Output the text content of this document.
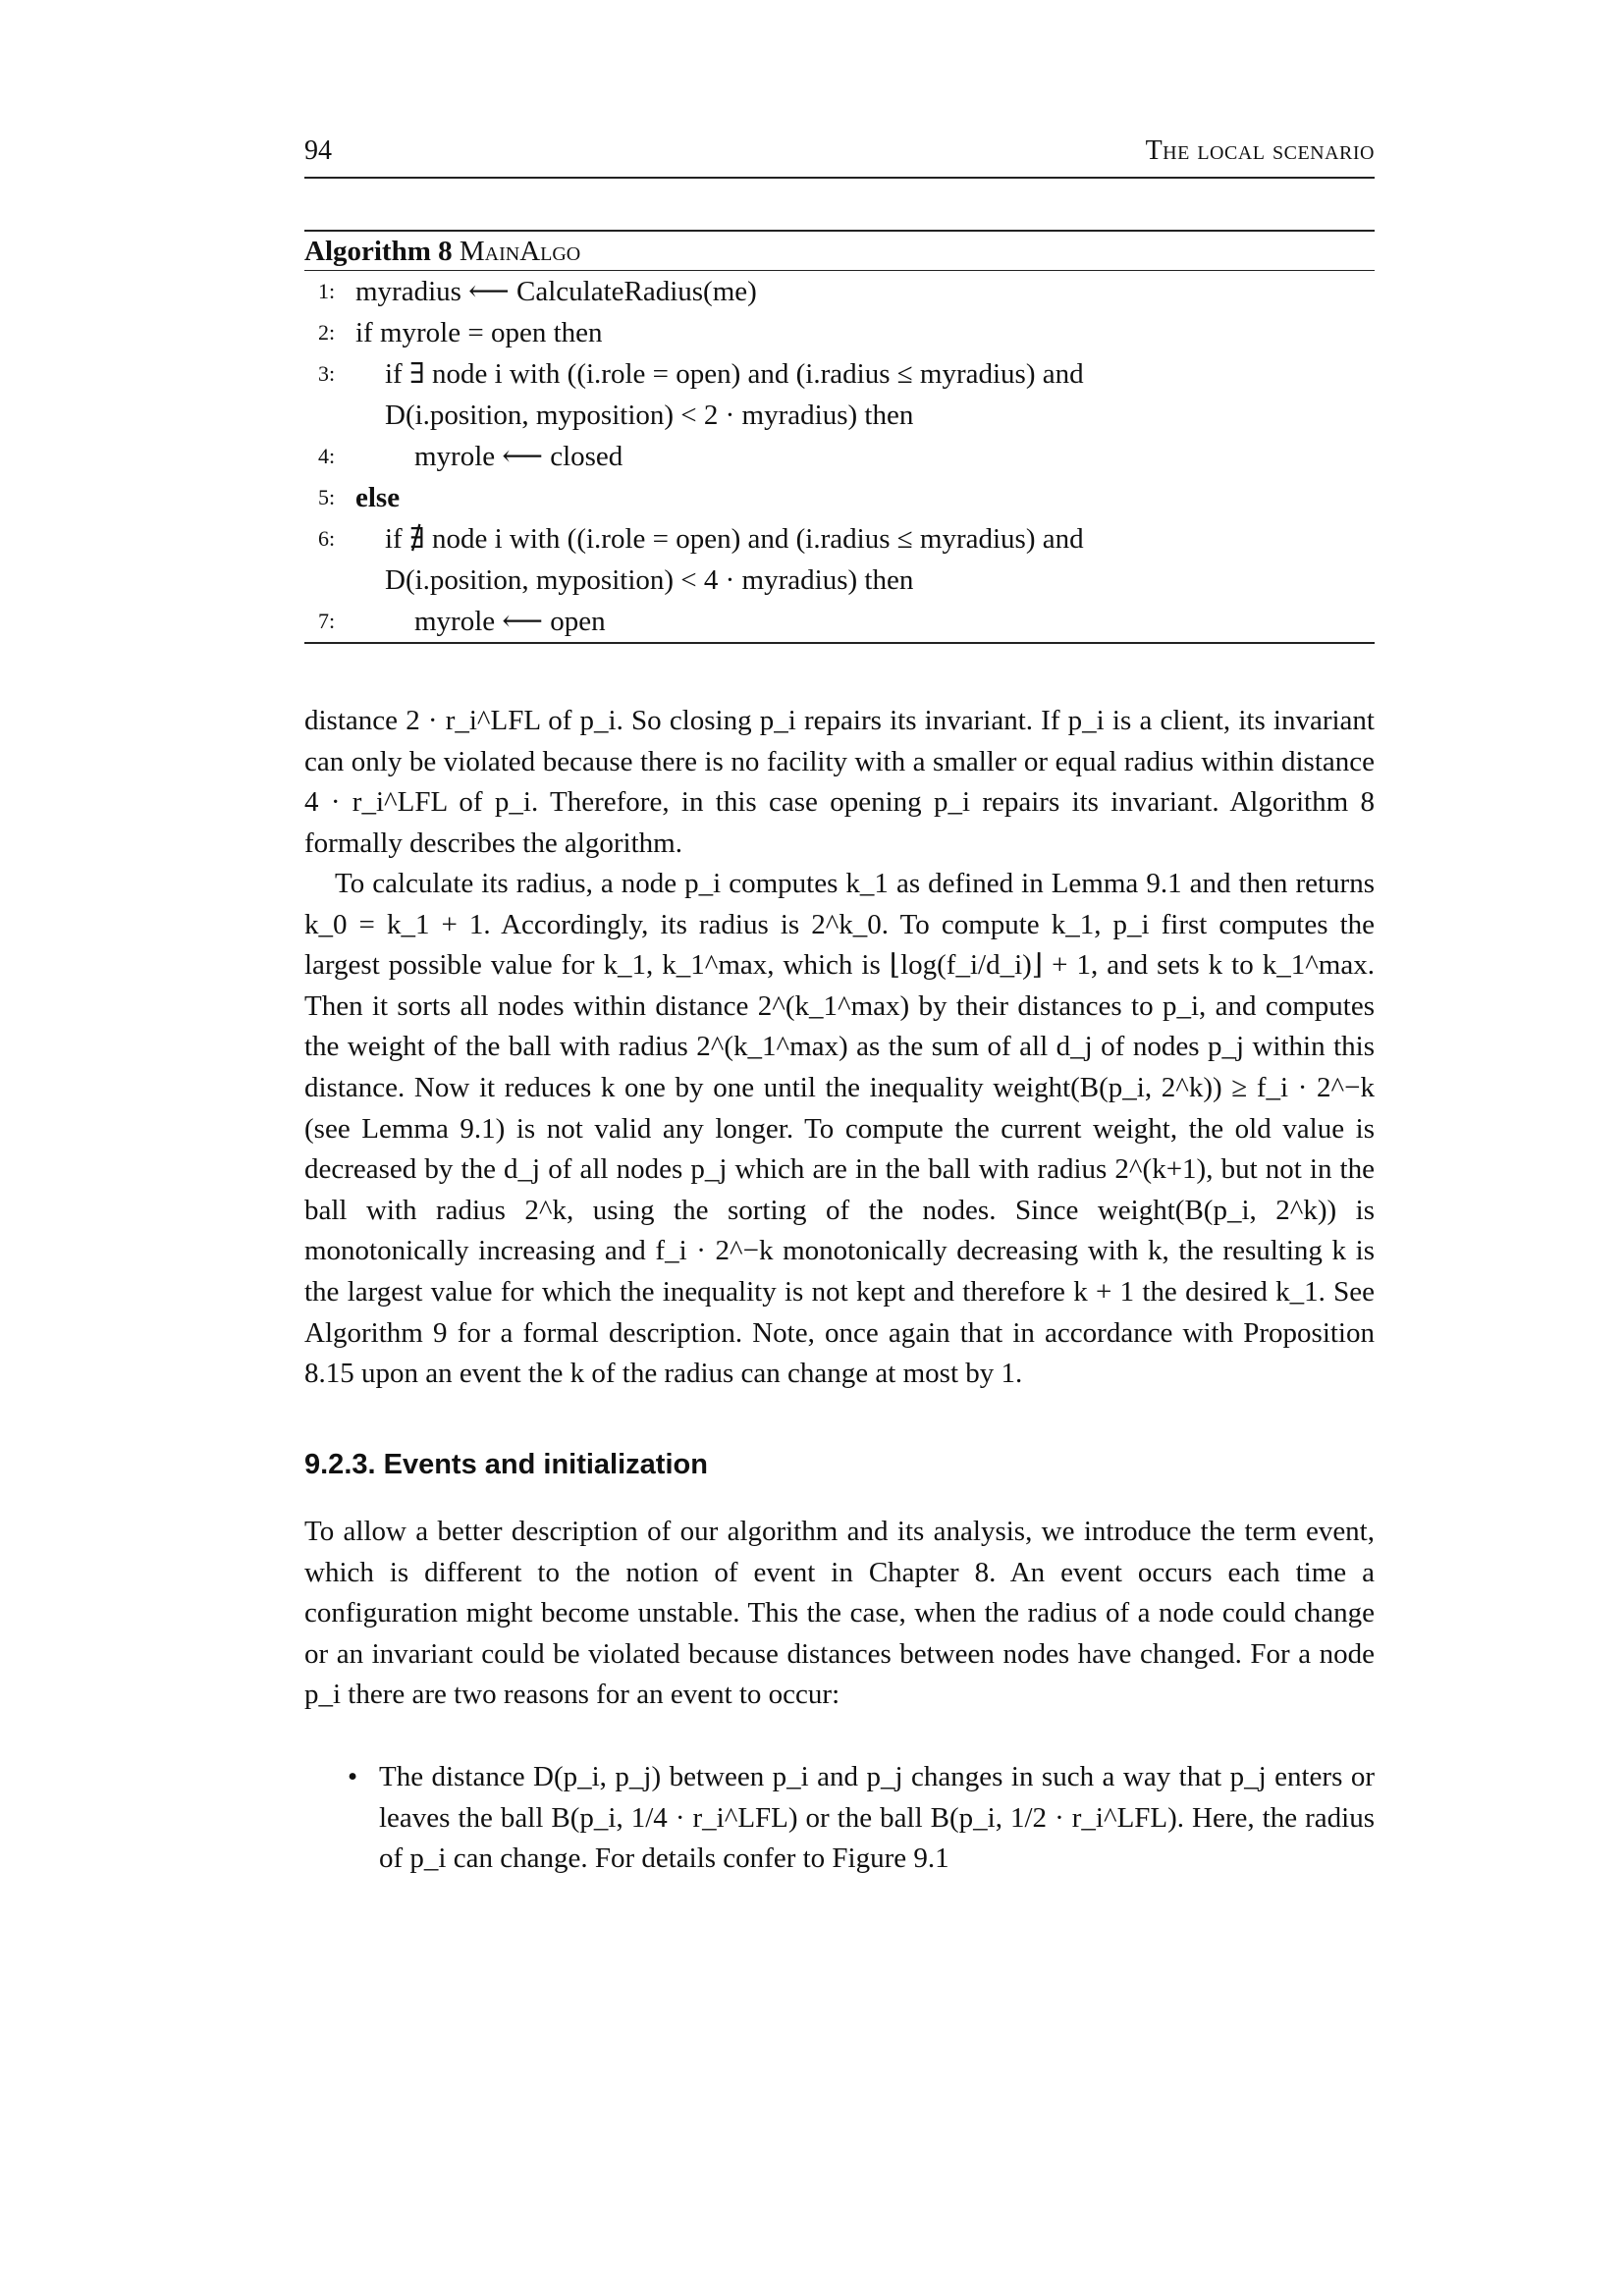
94	The local scenario
Algorithm 8 MainAlgo
1: myradius ⟵ CalculateRadius(me)
2: if myrole = open then
3: if ∃ node i with ((i.role = open) and (i.radius ≤ myradius) and
D(i.position, myposition) < 2 · myradius) then
4:	myrole ⟵ closed
5: else
6: if ∄ node i with ((i.role = open) and (i.radius ≤ myradius) and
D(i.position, myposition) < 4 · myradius) then
7:	myrole ⟵ open

distance 2 · r_i^LFL of p_i. So closing p_i repairs its invariant. If p_i is a client, its invariant can only be violated because there is no facility with a smaller or equal radius within distance 4 · r_i^LFL of p_i. Therefore, in this case opening p_i repairs its invariant. Algorithm 8 formally describes the algorithm.

To calculate its radius, a node p_i computes k_1 as defined in Lemma 9.1 and then returns k_0 = k_1 + 1. Accordingly, its radius is 2^k_0. To compute k_1, p_i first computes the largest possible value for k_1, k_1^max, which is ⌊log(f_i/d_i)⌋ + 1, and sets k to k_1^max. Then it sorts all nodes within distance 2^(k_1^max) by their distances to p_i, and computes the weight of the ball with radius 2^(k_1^max) as the sum of all d_j of nodes p_j within this distance. Now it reduces k one by one until the inequality weight(B(p_i, 2^k)) ≥ f_i · 2^−k (see Lemma 9.1) is not valid any longer. To compute the current weight, the old value is decreased by the d_j of all nodes p_j which are in the ball with radius 2^(k+1), but not in the ball with radius 2^k, using the sorting of the nodes. Since weight(B(p_i, 2^k)) is monotonically increasing and f_i · 2^−k monotonically decreasing with k, the resulting k is the largest value for which the inequality is not kept and therefore k + 1 the desired k_1. See Algorithm 9 for a formal description. Note, once again that in accordance with Proposition 8.15 upon an event the k of the radius can change at most by 1.

9.2.3. Events and initialization

To allow a better description of our algorithm and its analysis, we introduce the term event, which is different to the notion of event in Chapter 8. An event occurs each time a configuration might become unstable. This the case, when the radius of a node could change or an invariant could be violated because distances between nodes have changed. For a node p_i there are two reasons for an event to occur:

• The distance D(p_i, p_j) between p_i and p_j changes in such a way that p_j enters or leaves the ball B(p_i, 1/4 · r_i^LFL) or the ball B(p_i, 1/2 · r_i^LFL). Here, the radius of p_i can change. For details confer to Figure 9.1
